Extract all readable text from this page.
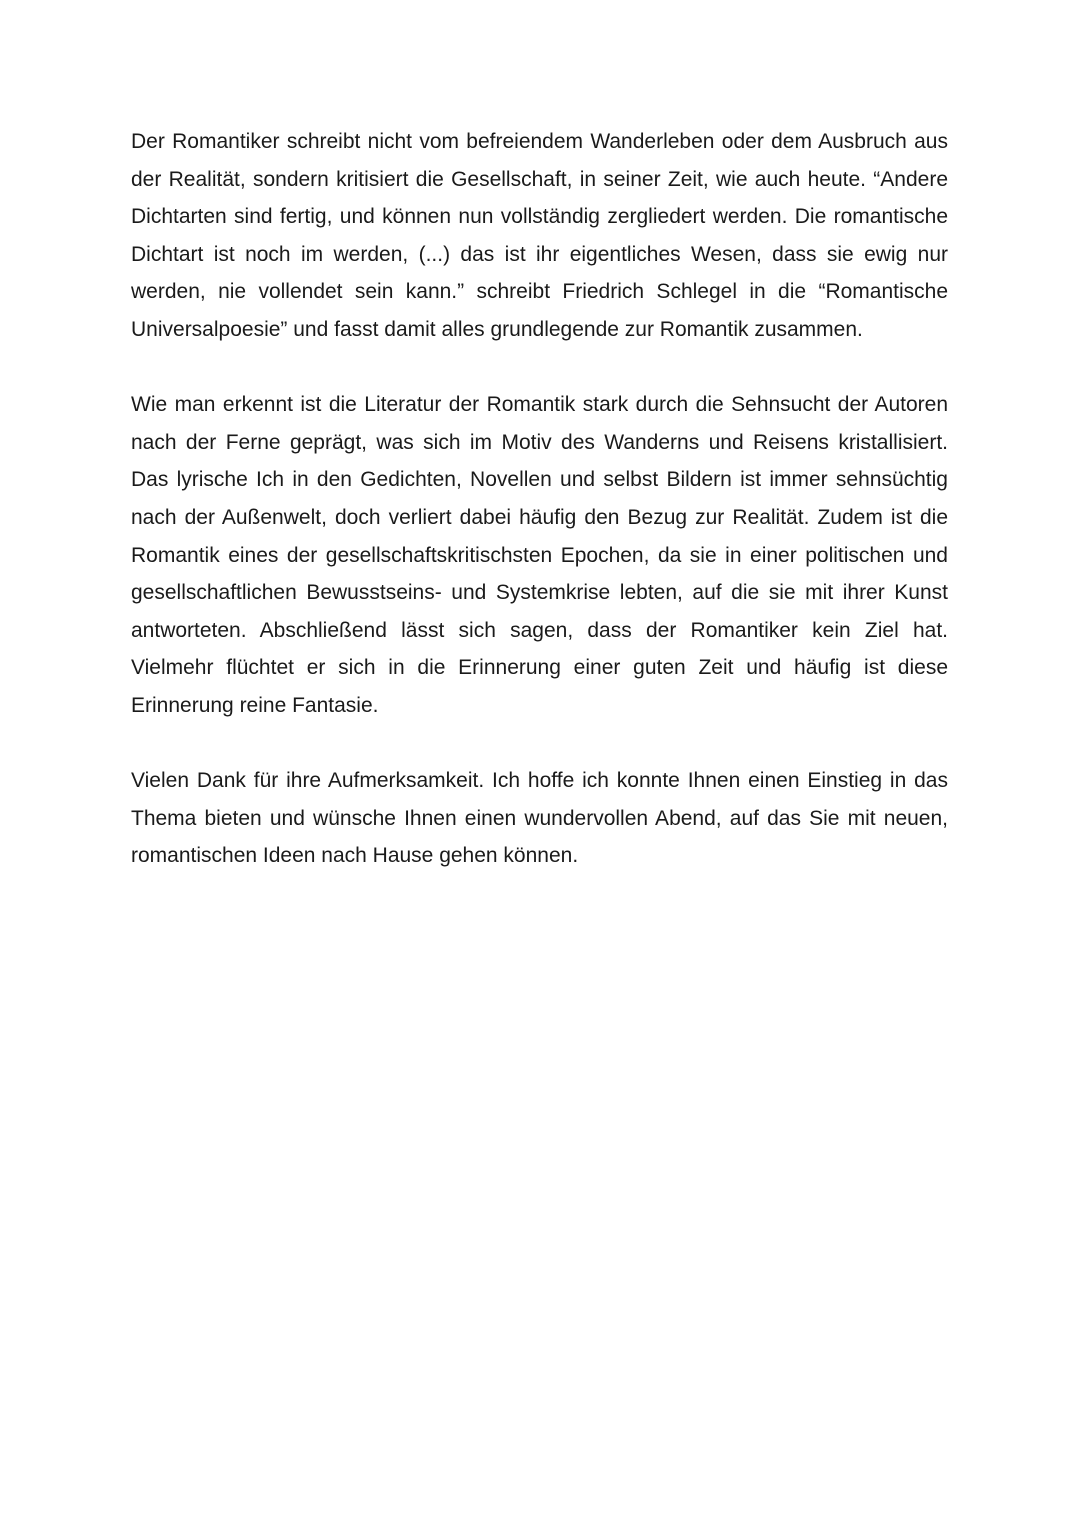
Der Romantiker schreibt nicht vom befreiendem Wanderleben oder dem Ausbruch aus der Realität, sondern kritisiert die Gesellschaft, in seiner Zeit, wie auch heute. “Andere Dichtarten sind fertig, und können nun vollständig zergliedert werden. Die romantische Dichtart ist noch im werden, (...) das ist ihr eigentliches Wesen, dass sie ewig nur werden, nie vollendet sein kann.” schreibt Friedrich Schlegel in die “Romantische Universalpoesie” und fasst damit alles grundlegende zur Romantik zusammen.

Wie man erkennt ist die Literatur der Romantik stark durch die Sehnsucht der Autoren nach der Ferne geprägt, was sich im Motiv des Wanderns und Reisens kristallisiert. Das lyrische Ich in den Gedichten, Novellen und selbst Bildern ist immer sehnsüchtig nach der Außenwelt, doch verliert dabei häufig den Bezug zur Realität. Zudem ist die Romantik eines der gesellschaftskritischsten Epochen, da sie in einer politischen und gesellschaftlichen Bewusstseins- und Systemkrise lebten, auf die sie mit ihrer Kunst antworteten. Abschließend lässt sich sagen, dass der Romantiker kein Ziel hat. Vielmehr flüchtet er sich in die Erinnerung einer guten Zeit und häufig ist diese Erinnerung reine Fantasie.

Vielen Dank für ihre Aufmerksamkeit. Ich hoffe ich konnte Ihnen einen Einstieg in das Thema bieten und wünsche Ihnen einen wundervollen Abend, auf das Sie mit neuen, romantischen Ideen nach Hause gehen können.
